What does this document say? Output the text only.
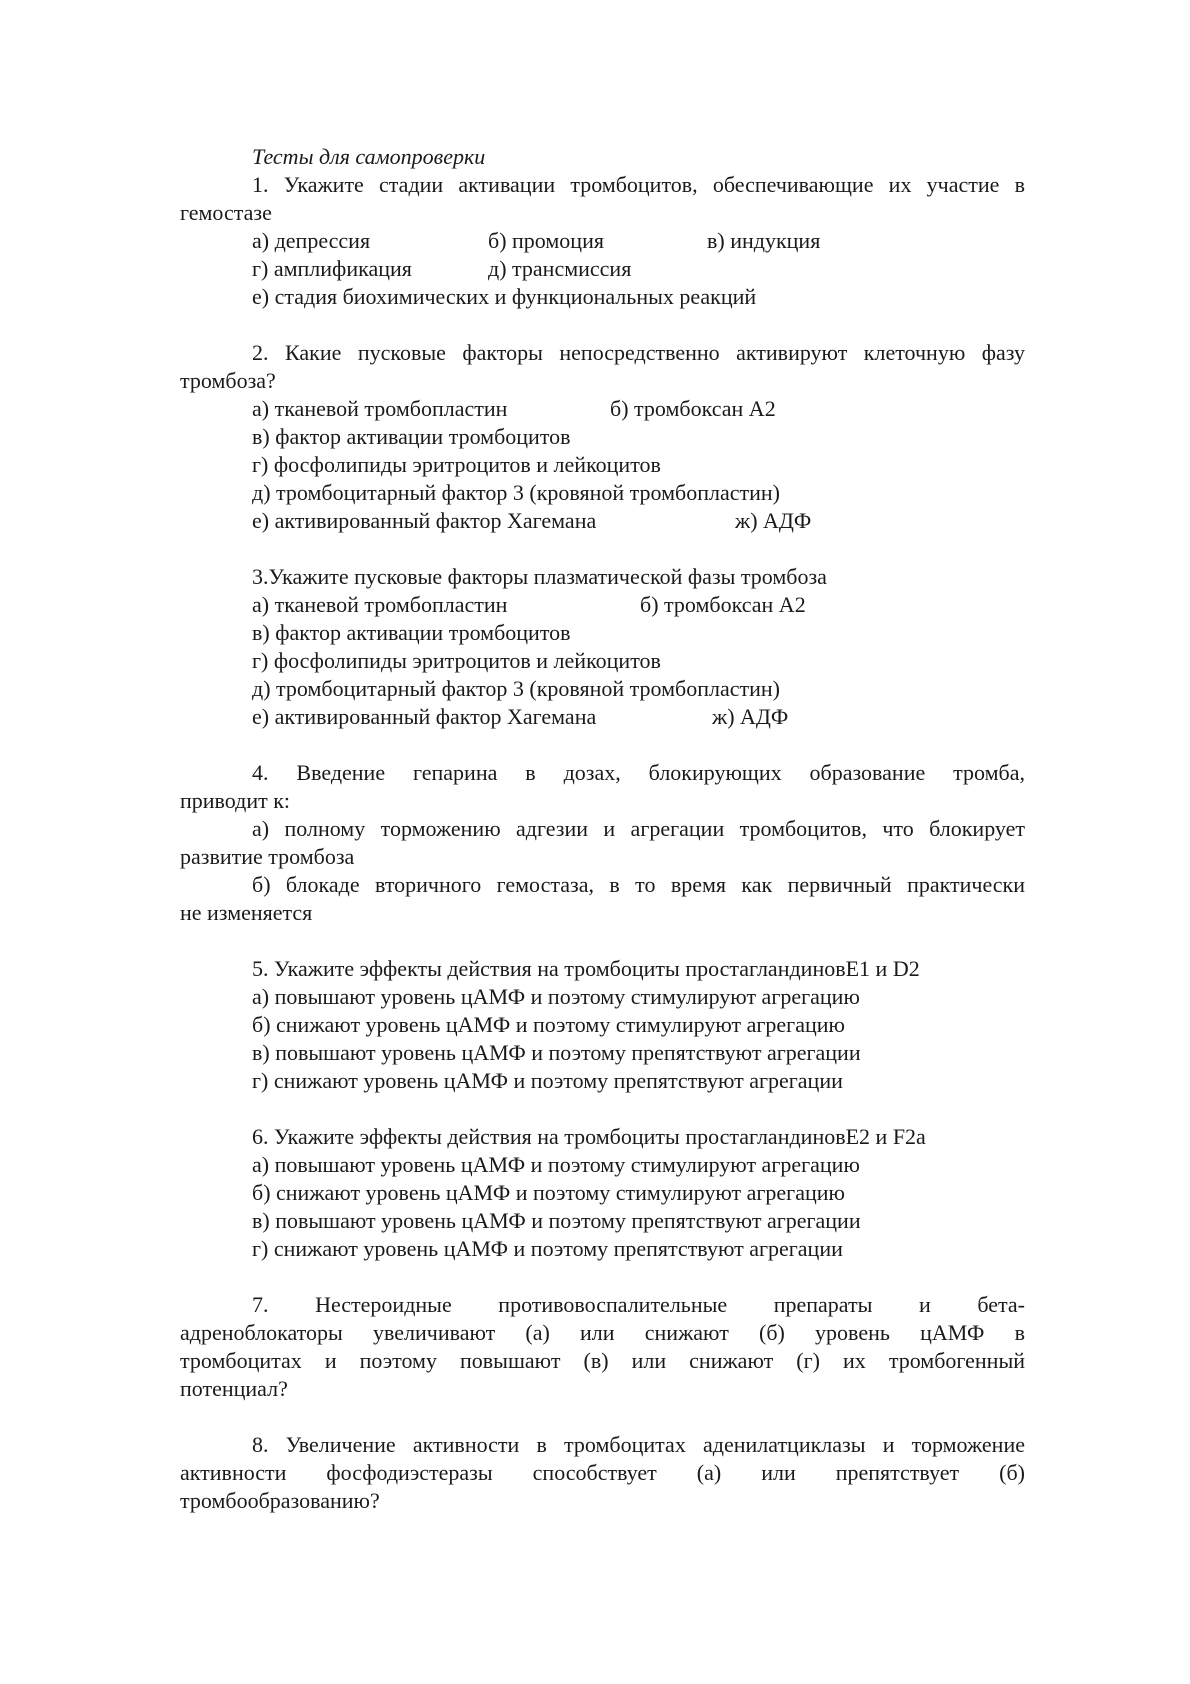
Тесты для самопроверки
1. Укажите стадии активации тромбоцитов, обеспечивающие их участие в
гемостазе
а) депрессия	б) промоция	в) индукция
г) амплификация	д) трансмиссия
е) стадия биохимических и функциональных реакций
2. Какие пусковые факторы непосредственно активируют клеточную фазу
тромбоза?
а) тканевой тромбопластин	б) тромбоксан А2
в) фактор активации тромбоцитов
г) фосфолипиды эритроцитов и лейкоцитов
д) тромбоцитарный фактор 3 (кровяной тромбопластин)
е) активированный фактор Хагемана	ж) АДФ
3.Укажите пусковые факторы плазматической фазы тромбоза
а) тканевой тромбопластин	б) тромбоксан А2
в) фактор активации тромбоцитов
г) фосфолипиды эритроцитов и лейкоцитов
д) тромбоцитарный фактор 3 (кровяной тромбопластин)
е) активированный фактор Хагемана	ж) АДФ
4. Введение гепарина в дозах, блокирующих образование тромба,
приводит к:
а) полному торможению адгезии и агрегации тромбоцитов, что блокирует
развитие тромбоза
б) блокаде вторичного гемостаза, в то время как первичный практически
не изменяется
5. Укажите эффекты действия на тромбоциты простагландиновЕ1 и D2
а) повышают уровень цАМФ и поэтому стимулируют агрегацию
б) снижают уровень цАМФ и поэтому стимулируют агрегацию
в) повышают уровень цАМФ и поэтому препятствуют агрегации
г) снижают уровень цАМФ и поэтому препятствуют агрегации
6. Укажите эффекты действия на тромбоциты простагландиновЕ2 и F2a
а) повышают уровень цАМФ и поэтому стимулируют агрегацию
б) снижают уровень цАМФ и поэтому стимулируют агрегацию
в) повышают уровень цАМФ и поэтому препятствуют агрегации
г) снижают уровень цАМФ и поэтому препятствуют агрегации
7. Нестероидные противовоспалительные препараты и бета-
адреноблокаторы увеличивают (а) или снижают (б) уровень цАМФ в
тромбоцитах и поэтому повышают (в) или снижают (г) их тромбогенный
потенциал?
8. Увеличение активности в тромбоцитах аденилатциклазы и торможение
активности фосфодиэстеразы способствует (а) или препятствует (б)
тромбообразованию?
